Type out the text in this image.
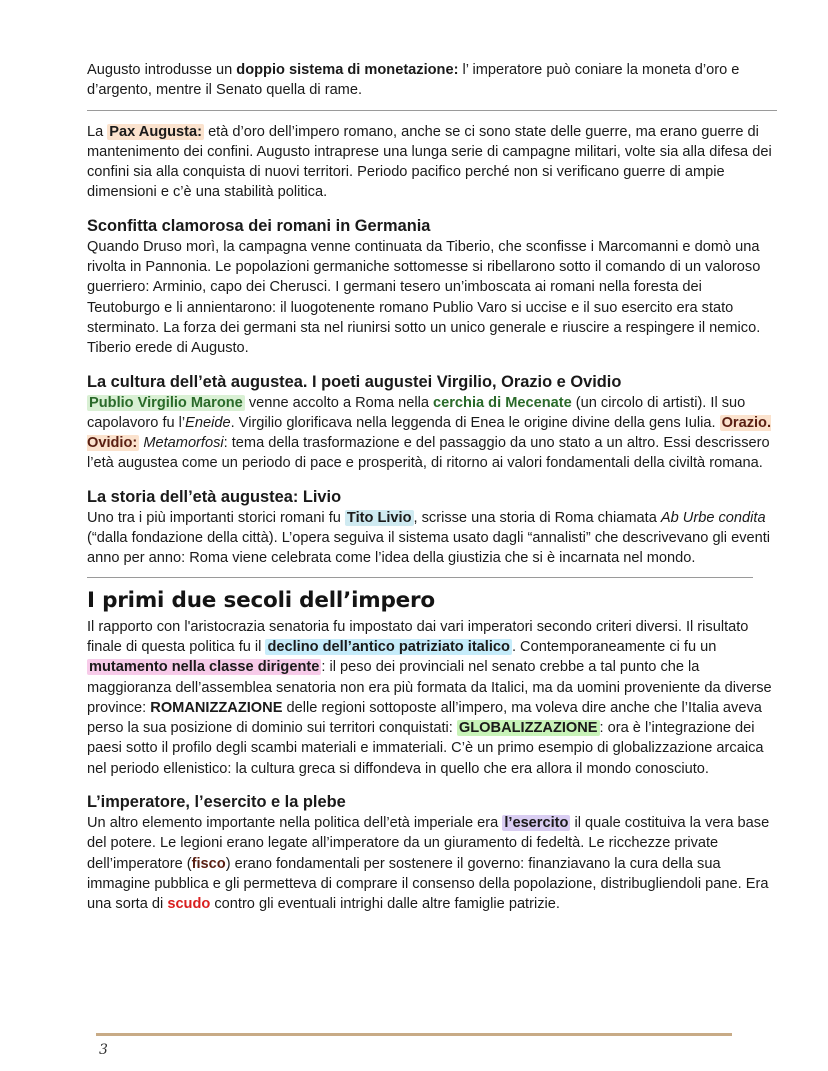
Augusto introdusse un doppio sistema di monetazione: l’ imperatore può coniare la moneta d’oro e d’argento, mentre il Senato quella di rame.

La Pax Augusta: età d’oro dell’impero romano, anche se ci sono state delle guerre, ma erano guerre di mantenimento dei confini. Augusto intraprese una lunga serie di campagne militari, volte sia alla difesa dei confini sia alla conquista di nuovi territori. Periodo pacifico perché non si verificano guerre di ampie dimensioni e c’è una stabilità politica.

Sconfitta clamorosa dei romani in Germania

Quando Druso morì, la campagna venne continuata da Tiberio, che sconfisse i Marcomanni e domò una rivolta in Pannonia. Le popolazioni germaniche sottomesse si ribellarono sotto il comando di un valoroso guerriero: Arminio, capo dei Cherusci. I germani tesero un’imboscata ai romani nella foresta dei Teutoburgo e li annientarono: il luogotenente romano Publio Varo si uccise e il suo esercito era stato sterminato. La forza dei germani sta nel riunirsi sotto un unico generale e riuscire a respingere il nemico. Tiberio erede di Augusto.

La cultura dell’età augustea. I poeti augustei Virgilio, Orazio e Ovidio

Publio Virgilio Marone venne accolto a Roma nella cerchia di Mecenate (un circolo di artisti). Il suo capolavoro fu l’Eneide. Virgilio glorificava nella leggenda di Enea le origine divine della gens Iulia. Orazio. Ovidio: Metamorfosi: tema della trasformazione e del passaggio da uno stato a un altro. Essi descrissero l’età augustea come un periodo di pace e prosperità, di ritorno ai valori fondamentali della civiltà romana.

La storia dell’età augustea: Livio

Uno tra i più importanti storici romani fu Tito Livio , scrisse una storia di Roma chiamata Ab Urbe condita (“dalla fondazione della città). L’opera seguiva il sistema usato dagli “annalisti” che descrivevano gli eventi anno per anno: Roma viene celebrata come l’idea della giustizia che si è incarnata nel mondo.

I primi due secoli dell’impero

Il rapporto con l'aristocrazia senatoria fu impostato dai vari imperatori secondo criteri diversi. Il risultato finale di questa politica fu il declino dell’antico patriziato italico . Contemporaneamente ci fu un mutamento nella classe dirigente : il peso dei provinciali nel senato crebbe a tal punto che la maggioranza dell’assemblea senatoria non era più formata da Italici, ma da uomini proveniente da diverse province: ROMANIZZAZIONE delle regioni sottoposte all’impero, ma voleva dire anche che l’Italia aveva perso la sua posizione di dominio sui territori conquistati: GLOBALIZZAZIONE : ora è l’integrazione dei paesi sotto il profilo degli scambi materiali e immateriali. C’è un primo esempio di globalizzazione arcaica nel periodo ellenistico: la cultura greca si diffondeva in quello che era allora il mondo conosciuto.

L’imperatore, l’esercito e la plebe

Un altro elemento importante nella politica dell’età imperiale era l’esercito il quale costituiva la vera base del potere. Le legioni erano legate all’imperatore da un giuramento di fedeltà. Le ricchezze private dell’imperatore (fisco) erano fondamentali per sostenere il governo: finanziavano la cura della sua immagine pubblica e gli permetteva di comprare il consenso della popolazione, distribugliendoli pane. Era una sorta di scudo contro gli eventuali intrighi dalle altre famiglie patrizie.

3
